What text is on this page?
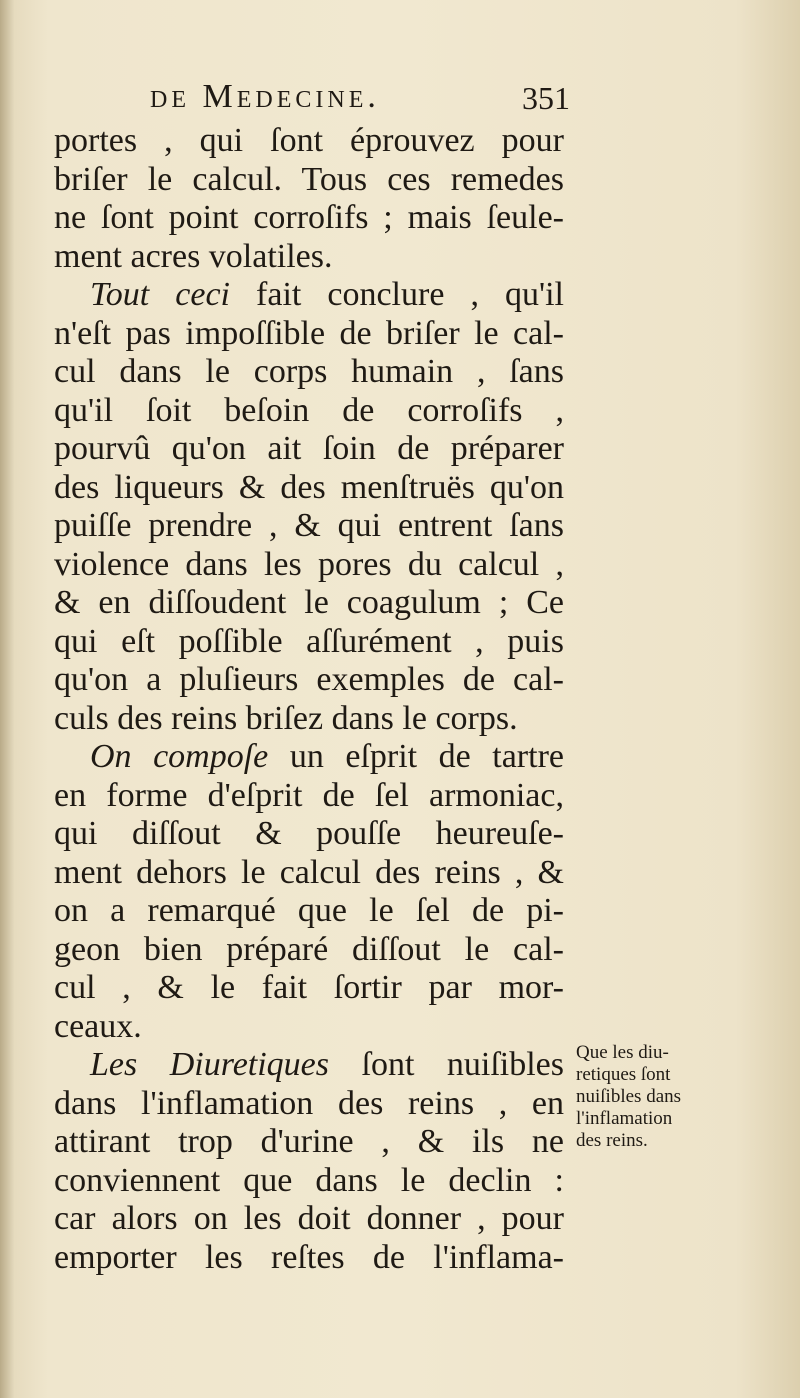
de Medecine.	351
portes , qui ſont éprouvez pour
briſer le calcul. Tous ces remedes
ne ſont point corroſifs ; mais ſeule-
ment acres volatiles.
Tout ceci fait conclure , qu'il
n'eſt pas impoſſible de briſer le cal-
cul dans le corps humain , ſans
qu'il ſoit beſoin de corroſifs ,
pourvû qu'on ait ſoin de préparer
des liqueurs & des menſtruës qu'on
puiſſe prendre , & qui entrent ſans
violence dans les pores du calcul ,
& en diſſoudent le coagulum ; Ce
qui eſt poſſible aſſurément , puis
qu'on a pluſieurs exemples de cal-
culs des reins briſez dans le corps.
On compoſe un eſprit de tartre
en forme d'eſprit de ſel armoniac,
qui diſſout & pouſſe heureuſe-
ment dehors le calcul des reins , &
on a remarqué que le ſel de pi-
geon bien préparé diſſout le cal-
cul , & le fait ſortir par mor-
ceaux.
Les Diuretiques ſont nuiſibles
dans l'inflamation des reins , en
attirant trop d'urine , & ils ne
conviennent que dans le declin :
car alors on les doit donner , pour
emporter les reſtes de l'inflama-
Que les diu-
retiques ſont
nuiſibles dans
l'inflamation
des reins.
